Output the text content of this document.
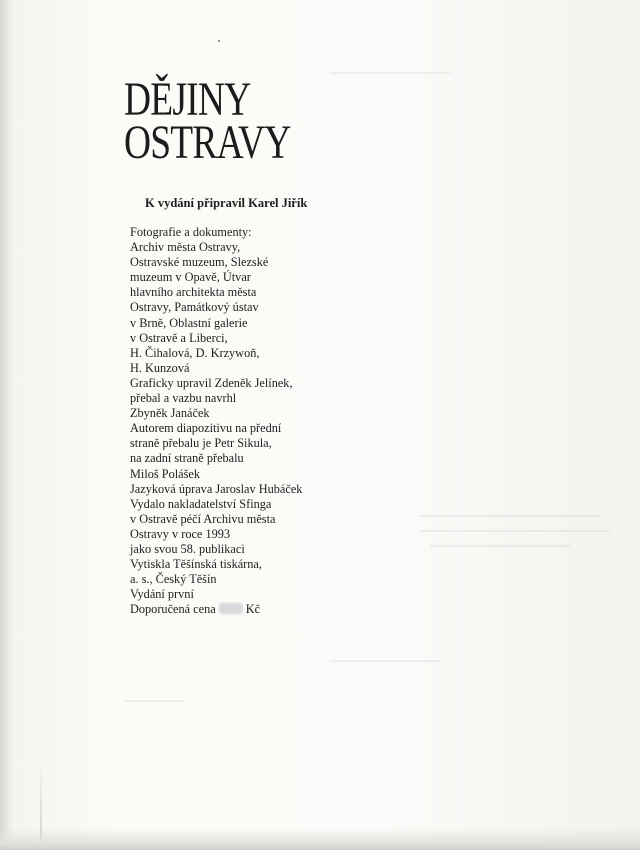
DĚJINY
OSTRAVY

K vydání připravil Karel Jiřík

Fotografie a dokumenty:
Archiv města Ostravy,
Ostravské muzeum, Slezské
muzeum v Opavě, Útvar
hlavního architekta města
Ostravy, Památkový ústav
v Brně, Oblastní galerie
v Ostravě a Liberci,
H. Čihalová, D. Krzywoň,
H. Kunzová
Graficky upravil Zdeněk Jelínek,
přebal a vazbu navrhl
Zbyněk Janáček
Autorem diapozitivu na přední
straně přebalu je Petr Sikula,
na zadní straně přebalu
Miloš Polášek
Jazyková úprava Jaroslav Hubáček
Vydalo nakladatelství Sfinga
v Ostravě péčí Archivu města
Ostravy v roce 1993
jako svou 58. publikaci
Vytiskla Těšínská tiskárna,
a. s., Český Těšín
Vydání první
Doporučená cena Kč
